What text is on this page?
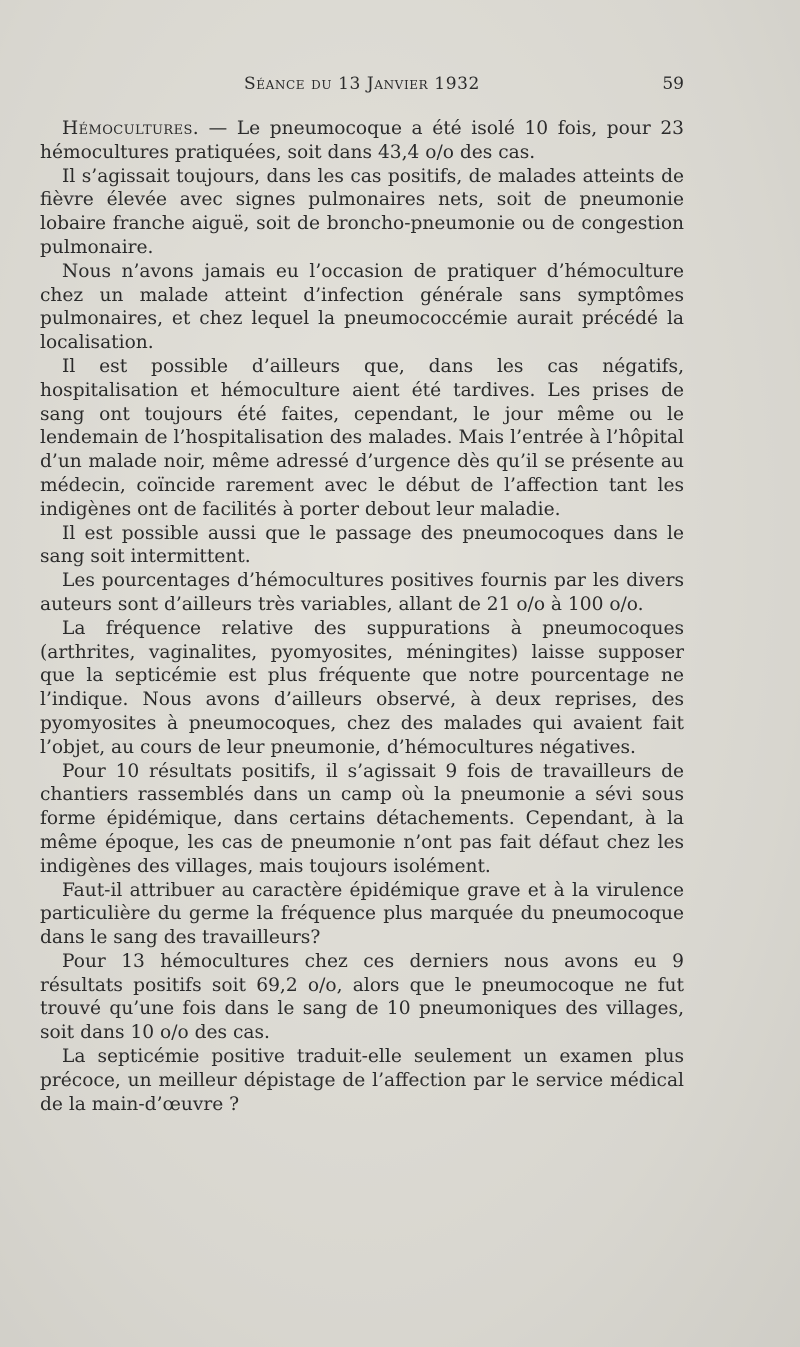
Séance du 13 Janvier 1932	59

Hémocultures. — Le pneumocoque a été isolé 10 fois, pour 23 hémocultures pratiquées, soit dans 43,4 o/o des cas.

Il s’agissait toujours, dans les cas positifs, de malades atteints de fièvre élevée avec signes pulmonaires nets, soit de pneumonie lobaire franche aiguë, soit de broncho-pneumonie ou de congestion pulmonaire.

Nous n’avons jamais eu l’occasion de pratiquer d’hémoculture chez un malade atteint d’infection générale sans symptômes pulmonaires, et chez lequel la pneumococcémie aurait précédé la localisation.

Il est possible d’ailleurs que, dans les cas négatifs, hospitalisation et hémoculture aient été tardives. Les prises de sang ont toujours été faites, cependant, le jour même ou le lendemain de l’hospitalisation des malades. Mais l’entrée à l’hôpital d’un malade noir, même adressé d’urgence dès qu’il se présente au médecin, coïncide rarement avec le début de l’affection tant les indigènes ont de facilités à porter debout leur maladie.

Il est possible aussi que le passage des pneumocoques dans le sang soit intermittent.

Les pourcentages d’hémocultures positives fournis par les divers auteurs sont d’ailleurs très variables, allant de 21 o/o à 100 o/o.

La fréquence relative des suppurations à pneumocoques (arthrites, vaginalites, pyomyosites, méningites) laisse supposer que la septicémie est plus fréquente que notre pourcentage ne l’indique. Nous avons d’ailleurs observé, à deux reprises, des pyomyosites à pneumocoques, chez des malades qui avaient fait l’objet, au cours de leur pneumonie, d’hémocultures négatives.

Pour 10 résultats positifs, il s’agissait 9 fois de travailleurs de chantiers rassemblés dans un camp où la pneumonie a sévi sous forme épidémique, dans certains détachements. Cependant, à la même époque, les cas de pneumonie n’ont pas fait défaut chez les indigènes des villages, mais toujours isolément.

Faut-il attribuer au caractère épidémique grave et à la virulence particulière du germe la fréquence plus marquée du pneumocoque dans le sang des travailleurs?

Pour 13 hémocultures chez ces derniers nous avons eu 9 résultats positifs soit 69,2 o/o, alors que le pneumocoque ne fut trouvé qu’une fois dans le sang de 10 pneumoniques des villages, soit dans 10 o/o des cas.

La septicémie positive traduit-elle seulement un examen plus précoce, un meilleur dépistage de l’affection par le service médical de la main-d’œuvre ?
